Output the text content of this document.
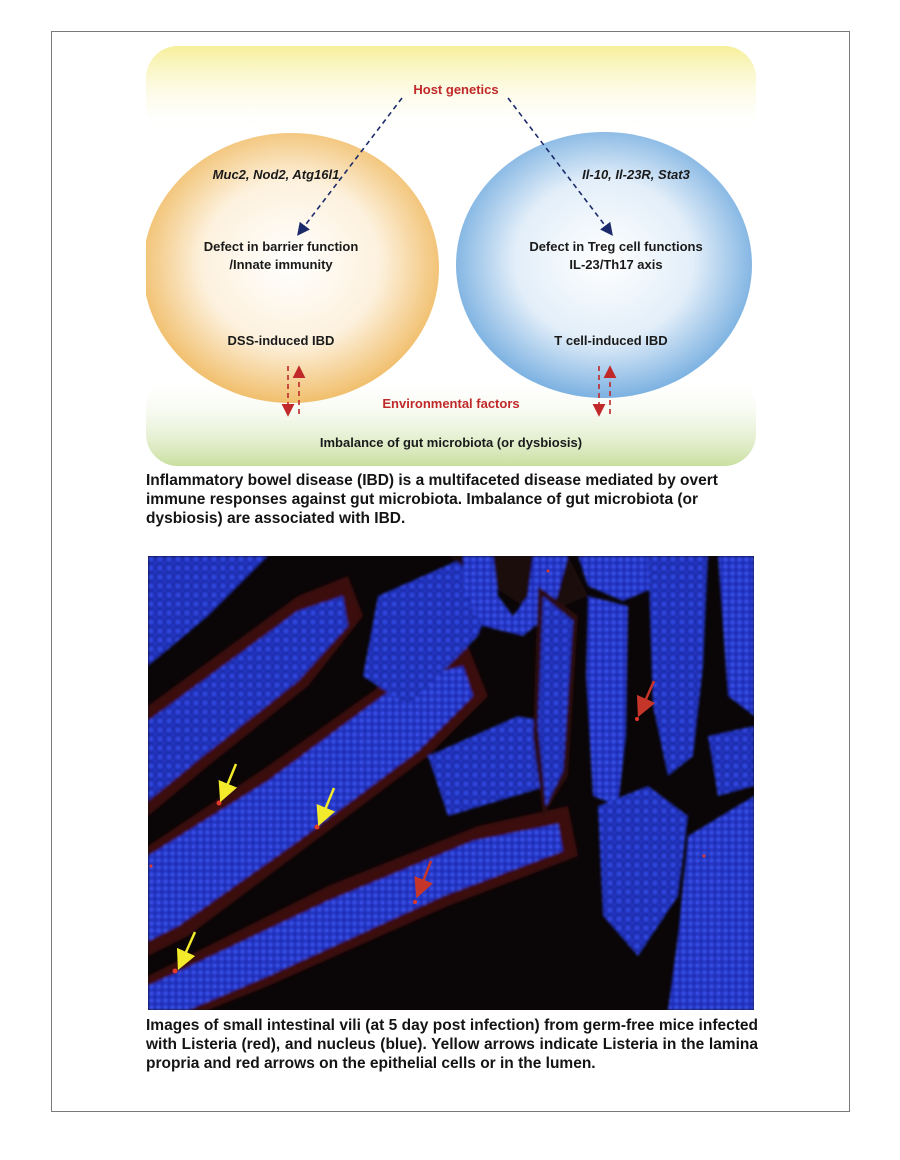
Host genetics
Muc2, Nod2, Atg16l1
Defect in barrier function
/Innate immunity
DSS-induced IBD
Il-10, Il-23R, Stat3
Defect in Treg cell functions
IL-23/Th17 axis
T cell-induced IBD
Environmental factors
Imbalance of gut microbiota (or dysbiosis)

Inflammatory bowel disease (IBD) is a multifaceted disease mediated by overt immune responses against gut microbiota. Imbalance of gut microbiota (or dysbiosis) are associated with IBD.

Images of small intestinal vili (at 5 day post infection) from germ-free mice infected with Listeria (red), and nucleus (blue). Yellow arrows indicate Listeria in the lamina propria and red arrows on the epithelial cells or in the lumen.
